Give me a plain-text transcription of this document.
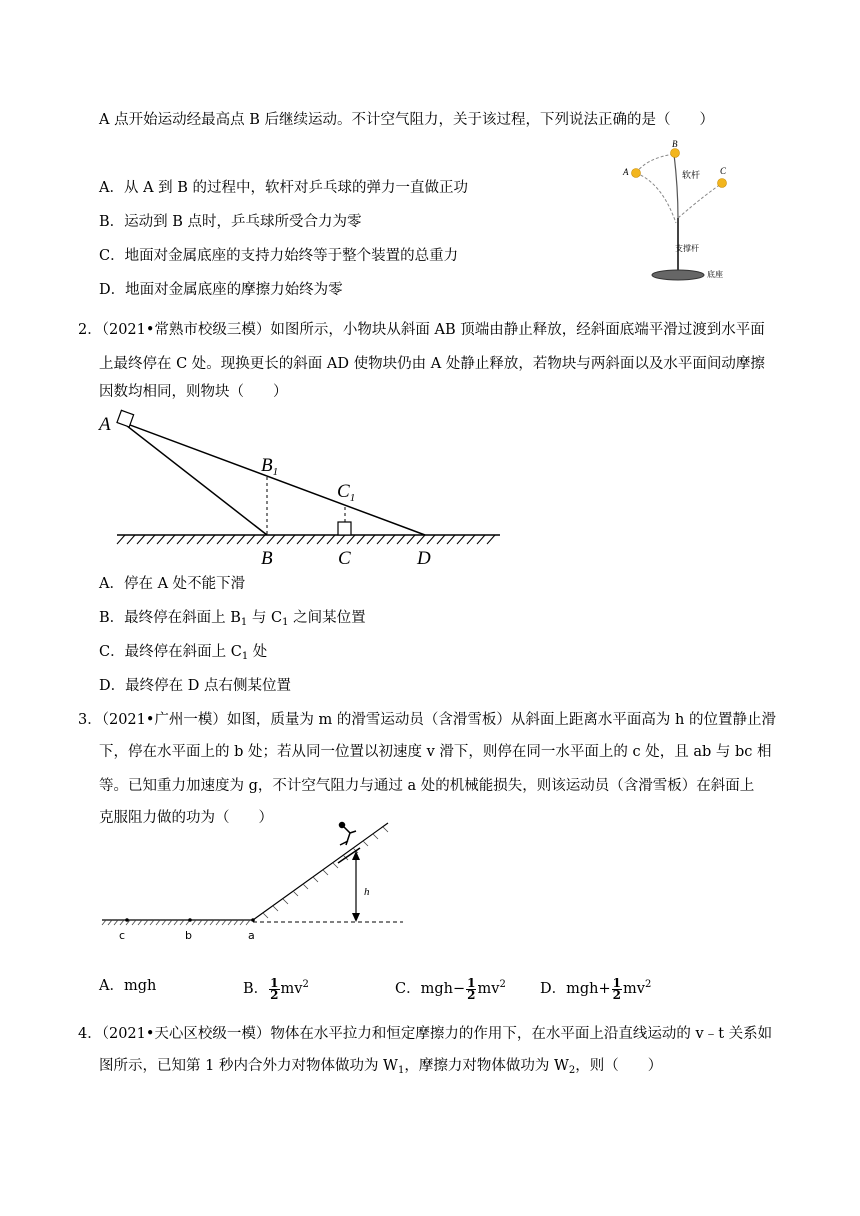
A 点开始运动经最高点 B 后继续运动。不计空气阻力，关于该过程，下列说法正确的是（　　）
A．从 A 到 B 的过程中，软杆对乒乓球的弹力一直做正功
B．运动到 B 点时，乒乓球所受合力为零
C．地面对金属底座的支持力始终等于整个装置的总重力
D．地面对金属底座的摩擦力始终为零
A
B
C
软杆
支撑杆
底座
2．（2021•常熟市校级三模）如图所示，小物块从斜面 AB 顶端由静止释放，经斜面底端平滑过渡到水平面
上最终停在 C 处。现换更长的斜面 AD 使物块仍由 A 处静止释放，若物块与两斜面以及水平面间动摩擦
因数均相同，则物块（　　）
A
$B_1$
$C_1$
B	C	D
A．停在 A 处不能下滑
B．最终停在斜面上 $B_1$ 与 $C_1$ 之间某位置
C．最终停在斜面上 $C_1$ 处
D．最终停在 D 点右侧某位置
3．（2021•广州一模）如图，质量为 m 的滑雪运动员（含滑雪板）从斜面上距离水平面高为 h 的位置静止滑
下，停在水平面上的 b 处；若从同一位置以初速度 v 滑下，则停在同一水平面上的 c 处，且 ab 与 bc 相
等。已知重力加速度为 g，不计空气阻力与通过 a 处的机械能损失，则该运动员（含滑雪板）在斜面上
克服阻力做的功为（　　）
c	b	a
h
A．mgh	B． $\frac{1}{2} mv^2$	C．$mgh- \frac{1}{2} mv^2$ D．$mgh+ \frac{1}{2} mv^2$
4．（2021•天心区校级一模）物体在水平拉力和恒定摩擦力的作用下，在水平面上沿直线运动的 v﹣t 关系如
图所示，已知第 1 秒内合外力对物体做功为 $W_1$，摩擦力对物体做功为 $W_2$，则（　　）
